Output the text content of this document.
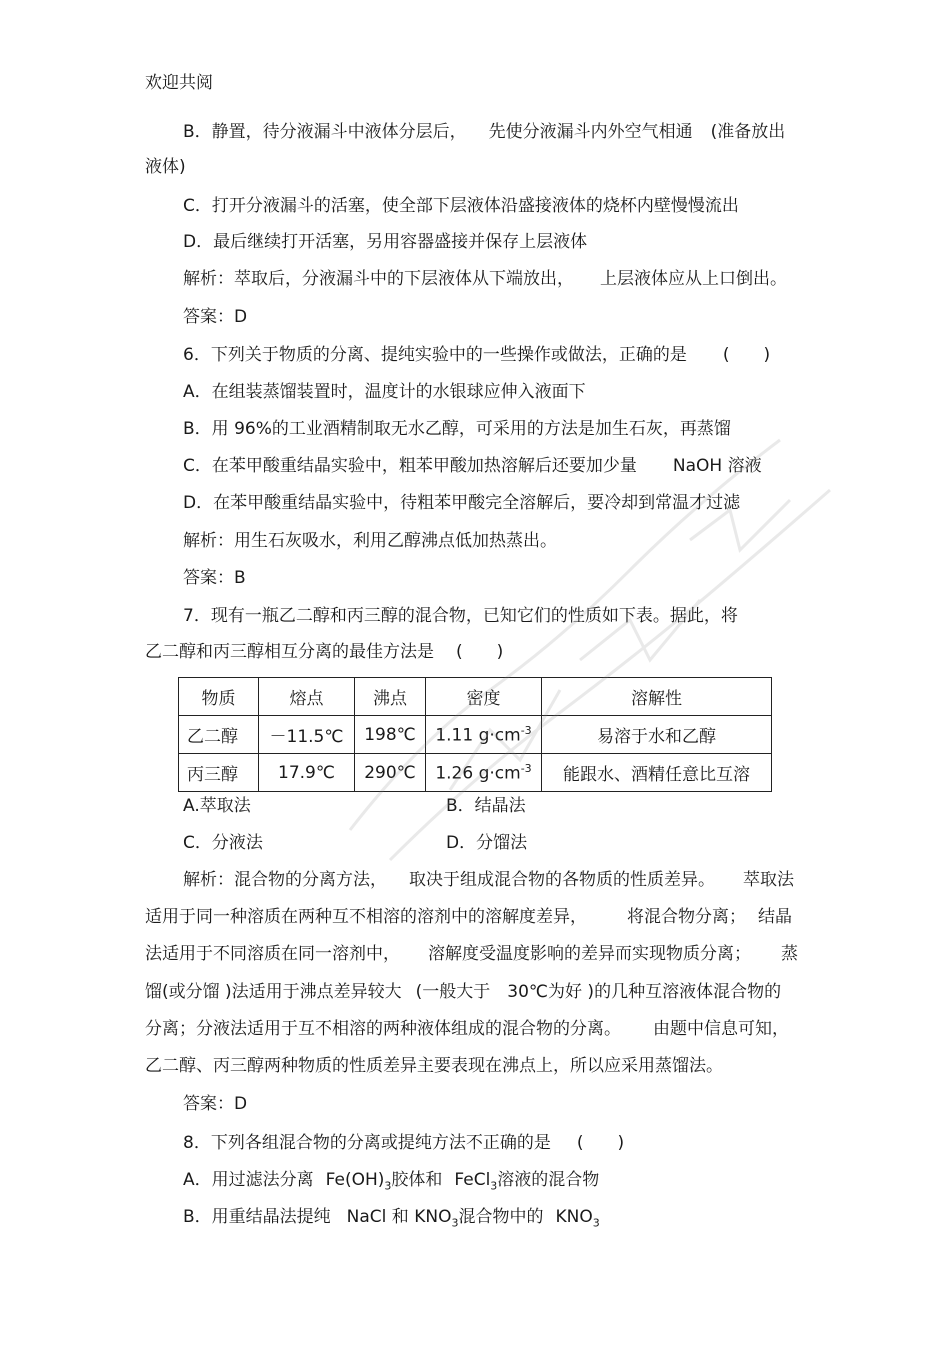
欢迎共阅
B．静置，待分液漏斗中液体分层后， 先使分液漏斗内外空气相通 (准备放出
液体)
C．打开分液漏斗的活塞，使全部下层液体沿盛接液体的烧杯内壁慢慢流出
D．最后继续打开活塞，另用容器盛接并保存上层液体
解析：萃取后，分液漏斗中的下层液体从下端放出， 上层液体应从上口倒出。
答案：D
6．下列关于物质的分离、提纯实验中的一些操作或做法，正确的是 (　　)
A．在组装蒸馏装置时，温度计的水银球应伸入液面下
B．用 96%的工业酒精制取无水乙醇，可采用的方法是加生石灰，再蒸馏
C．在苯甲酸重结晶实验中，粗苯甲酸加热溶解后还要加少量 NaOH 溶液
D．在苯甲酸重结晶实验中，待粗苯甲酸完全溶解后，要冷却到常温才过滤
解析：用生石灰吸水，利用乙醇沸点低加热蒸出。
答案：B
7．现有一瓶乙二醇和丙三醇的混合物，已知它们的性质如下表。据此，将
乙二醇和丙三醇相互分离的最佳方法是 (　　)
物质	熔点	沸点	密度	溶解性
乙二醇	－11.5℃	198℃	1.11 $g\cdot cm^{-3}$	易溶于水和乙醇
丙三醇	17.9℃	290℃	1.26 $g\cdot cm^{-3}$	能跟水、酒精任意比互溶
A.萃取法	B．结晶法
C．分液法	D．分馏法
解析：混合物的分离方法， 取决于组成混合物的各物质的性质差异。 萃取法
适用于同一种溶质在两种互不相溶的溶剂中的溶解度差异， 将混合物分离； 结晶
法适用于不同溶质在同一溶剂中， 溶解度受温度影响的差异而实现物质分离； 蒸
馏(或分馏 )法适用于沸点差异较大 (一般大于　30℃为好 )的几种互溶液体混合物的
分离；分液法适用于互不相溶的两种液体组成的混合物的分离。 由题中信息可知，
乙二醇、丙三醇两种物质的性质差异主要表现在沸点上，所以应采用蒸馏法。
答案：D
8．下列各组混合物的分离或提纯方法不正确的是 (　　)
A．用过滤法分离 $Fe(OH)_3$胶体和 FeCl$_3$溶液的混合物
B．用重结晶法提纯 NaCl 和 $KNO_3$混合物中的 $KNO_3$
